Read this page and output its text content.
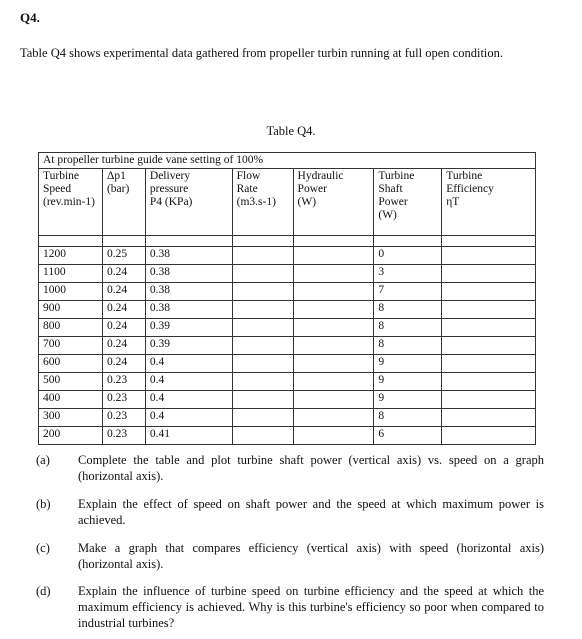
Q4.
Table Q4 shows experimental data gathered from propeller turbin running at full open condition.
Table Q4.
At propeller turbine guide vane setting of 100%						

Turbine
Speed
(rev.min-1)	Δp1
(bar)	Delivery
pressure
P4 (KPa)	Flow
Rate
(m3.s-1)	Hydraulic
Power
(W)	Turbine
Shaft
Power
(W)	Turbine
Efficiency
ηT

1200	0.25	0.38			0	
1100	0.24	0.38			3	
1000	0.24	0.38			7	
900	0.24	0.38			8	
800	0.24	0.39			8	
700	0.24	0.39			8	
600	0.24	0.4			9	
500	0.23	0.4			9	
400	0.23	0.4			9	
300	0.23	0.4			8	
200	0.23	0.41			6	
(a) Complete the table and plot turbine shaft power (vertical axis) vs. speed on a graph (horizontal axis).
(b) Explain the effect of speed on shaft power and the speed at which maximum power is achieved.
(c) Make a graph that compares efficiency (vertical axis) with speed (horizontal axis) (horizontal axis).
(d) Explain the influence of turbine speed on turbine efficiency and the speed at which the maximum efficiency is achieved. Why is this turbine's efficiency so poor when compared to industrial turbines?
